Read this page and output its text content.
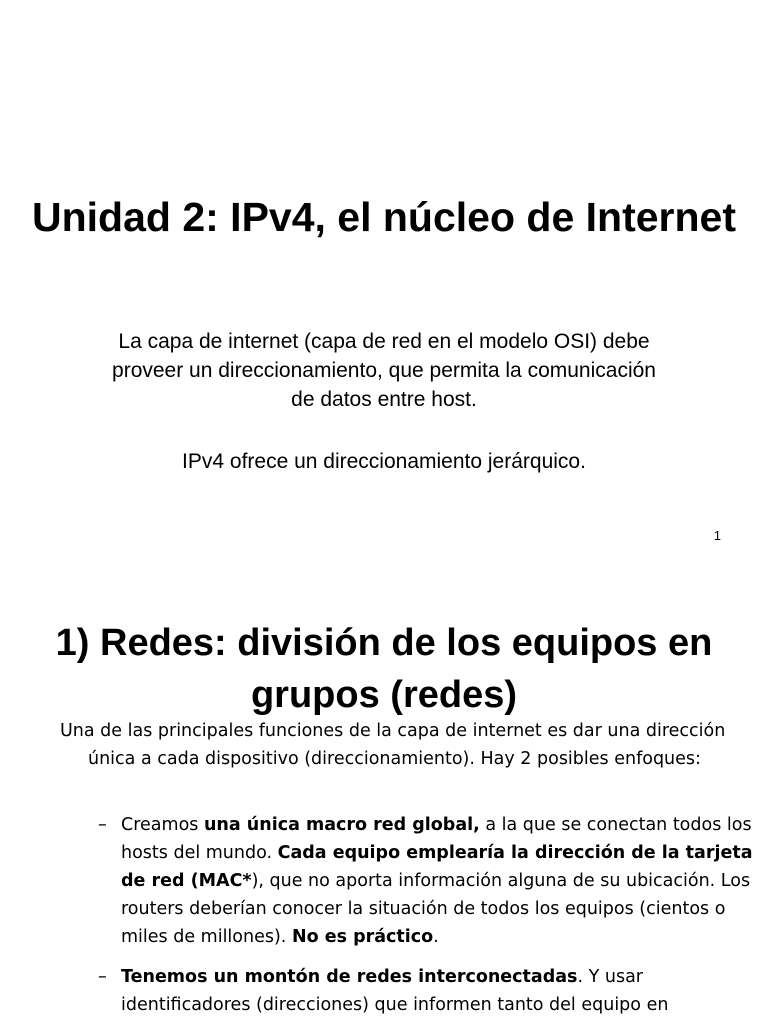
Unidad 2: IPv4, el núcleo de Internet

La capa de internet (capa de red en el modelo OSI) debe proveer un direccionamiento, que permita la comunicación de datos entre host.

IPv4 ofrece un direccionamiento jerárquico.

1

1) Redes: división de los equipos en grupos (redes)

Una de las principales funciones de la capa de internet es dar una dirección única a cada dispositivo (direccionamiento). Hay 2 posibles enfoques:

– Creamos una única macro red global, a la que se conectan todos los hosts del mundo. Cada equipo emplearía la dirección de la tarjeta de red (MAC*), que no aporta información alguna de su ubicación. Los routers deberían conocer la situación de todos los equipos (cientos o miles de millones). No es práctico.

– Tenemos un montón de redes interconectadas. Y usar identificadores (direcciones) que informen tanto del equipo en
